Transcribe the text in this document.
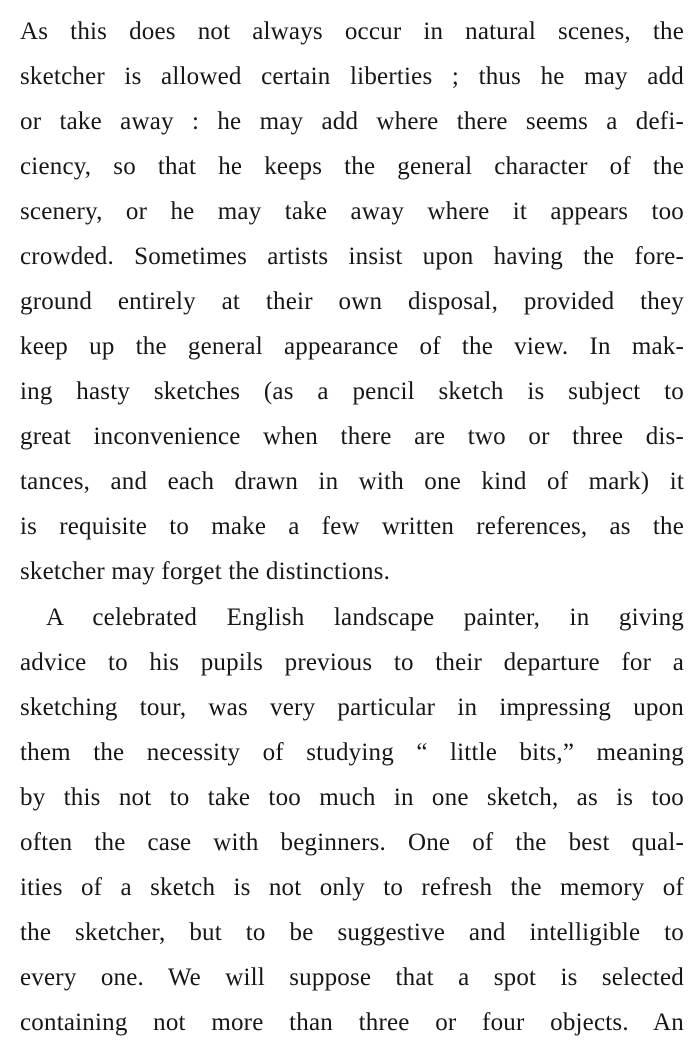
As this does not always occur in natural scenes, the
sketcher is allowed certain liberties ; thus he may add
or take away : he may add where there seems a defi-
ciency, so that he keeps the general character of the
scenery, or he may take away where it appears too
crowded. Sometimes artists insist upon having the fore-
ground entirely at their own disposal, provided they
keep up the general appearance of the view. In mak-
ing hasty sketches (as a pencil sketch is subject to
great inconvenience when there are two or three dis-
tances, and each drawn in with one kind of mark) it
is requisite to make a few written references, as the
sketcher may forget the distinctions.
A celebrated English landscape painter, in giving
advice to his pupils previous to their departure for a
sketching tour, was very particular in impressing upon
them the necessity of studying “ little bits,” meaning
by this not to take too much in one sketch, as is too
often the case with beginners. One of the best qual-
ities of a sketch is not only to refresh the memory of
the sketcher, but to be suggestive and intelligible to
every one. We will suppose that a spot is selected
containing not more than three or four objects. An
